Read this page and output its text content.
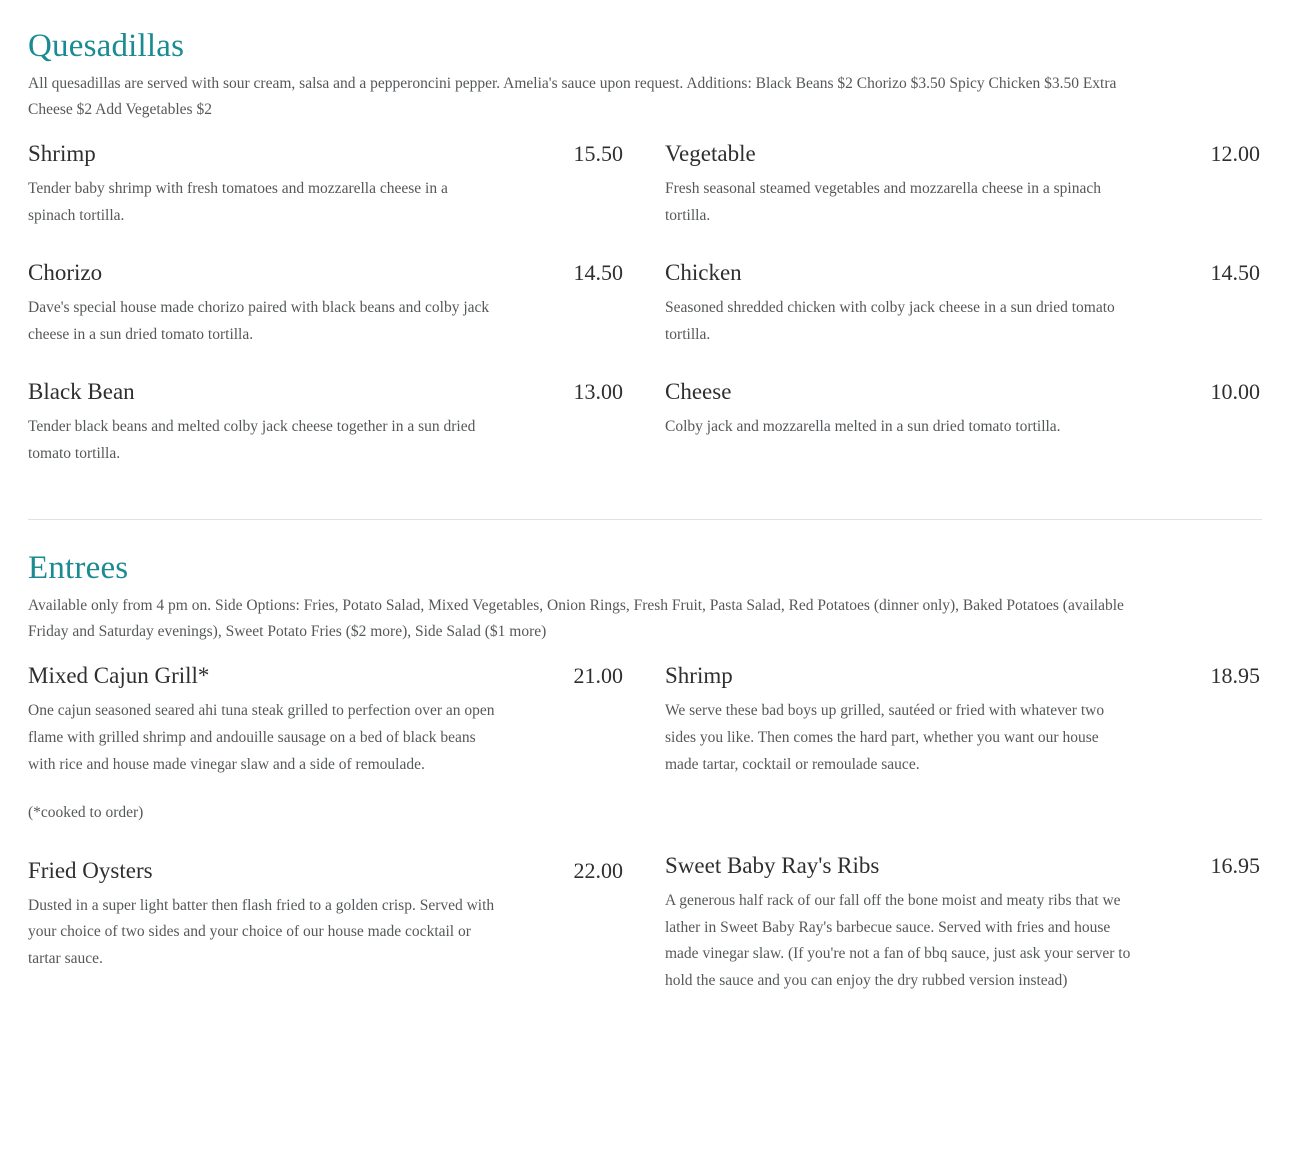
Quesadillas

All quesadillas are served with sour cream, salsa and a pepperoncini pepper. Amelia's sauce upon request. Additions: Black Beans $2 Chorizo $3.50 Spicy Chicken $3.50 Extra Cheese $2 Add Vegetables $2

Shrimp	15.50
Tender baby shrimp with fresh tomatoes and mozzarella cheese in a spinach tortilla.
Chorizo	14.50
Dave's special house made chorizo paired with black beans and colby jack cheese in a sun dried tomato tortilla.
Black Bean	13.00
Tender black beans and melted colby jack cheese together in a sun dried tomato tortilla.
Vegetable	12.00
Fresh seasonal steamed vegetables and mozzarella cheese in a spinach tortilla.
Chicken	14.50
Seasoned shredded chicken with colby jack cheese in a sun dried tomato tortilla.
Cheese	10.00
Colby jack and mozzarella melted in a sun dried tomato tortilla.
Entrees

Available only from 4 pm on. Side Options: Fries, Potato Salad, Mixed Vegetables, Onion Rings, Fresh Fruit, Pasta Salad, Red Potatoes (dinner only), Baked Potatoes (available Friday and Saturday evenings), Sweet Potato Fries ($2 more), Side Salad ($1 more)

Mixed Cajun Grill*	21.00
One cajun seasoned seared ahi tuna steak grilled to perfection over an open flame with grilled shrimp and andouille sausage on a bed of black beans with rice and house made vinegar slaw and a side of remoulade.
(*cooked to order)
Fried Oysters	22.00
Dusted in a super light batter then flash fried to a golden crisp. Served with your choice of two sides and your choice of our house made cocktail or tartar sauce.
Shrimp	18.95
We serve these bad boys up grilled, sautéed or fried with whatever two sides you like. Then comes the hard part, whether you want our house made tartar, cocktail or remoulade sauce.
Sweet Baby Ray's Ribs	16.95
A generous half rack of our fall off the bone moist and meaty ribs that we lather in Sweet Baby Ray's barbecue sauce. Served with fries and house made vinegar slaw. (If you're not a fan of bbq sauce, just ask your server to hold the sauce and you can enjoy the dry rubbed version instead)
